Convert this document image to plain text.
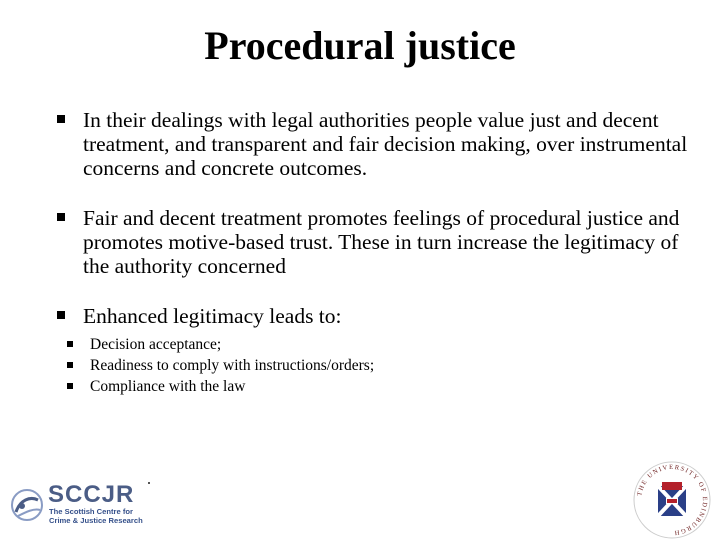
Procedural justice
In their dealings with legal authorities people value just and decent treatment, and transparent and fair decision making, over instrumental concerns and concrete outcomes.
Fair and decent treatment promotes feelings of procedural justice and promotes motive-based trust. These in turn increase the legitimacy of the authority concerned
Enhanced legitimacy leads to:
Decision acceptance;
Readiness to comply with instructions/orders;
Compliance with the law
SCCJR
The Scottish Centre for
Crime & Justice Research
THE UNIVERSITY OF EDINBURGH
